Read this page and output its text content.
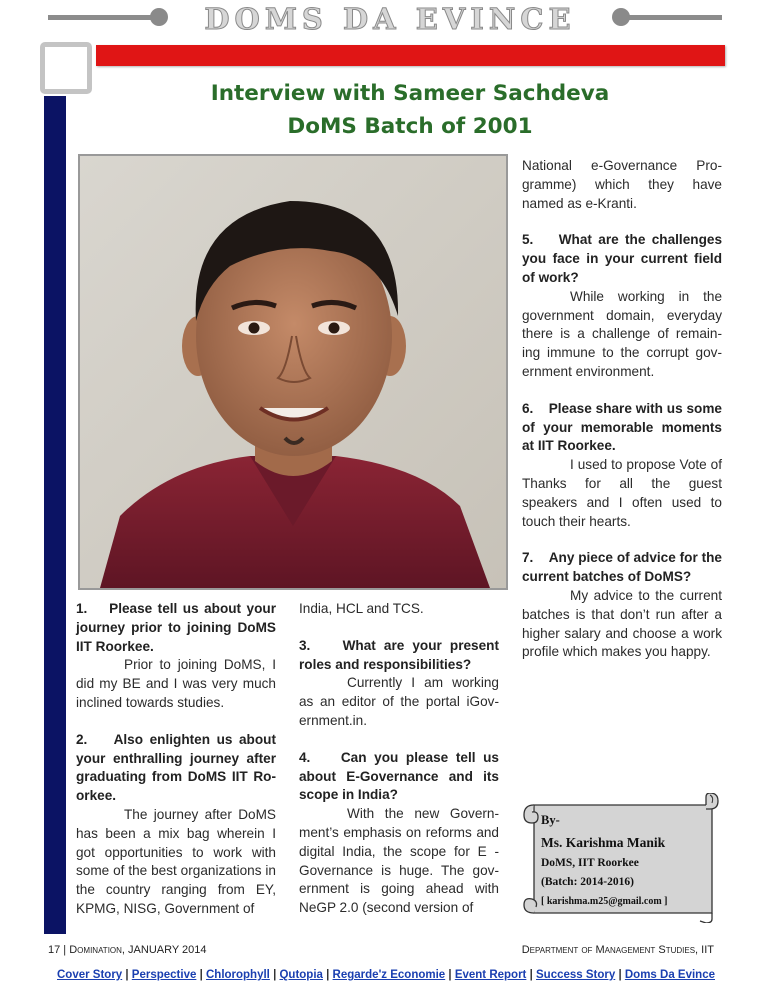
DOMS DA EVINCE
Interview with Sameer Sachdeva
DoMS Batch of 2001

1.    Please tell us about your journey prior to joining DoMS IIT Roorkee.

Prior to joining DoMS, I did my BE and I was very much inclined towards studies.

2.    Also enlighten us about your enthralling journey after graduating from DoMS IIT Ro-orkee.

The journey after DoMS has been a mix bag wherein I got opportunities to work with some of the best organizations in the country ranging from EY, KPMG, NISG, Government of

India, HCL and TCS.

3.    What are your present roles and responsibilities?

Currently I am working as an editor of the portal iGov-ernment.in.

4.    Can you please tell us about E-Governance and its scope in India?

With the new Govern-ment’s emphasis on reforms and digital India, the scope for E -Governance is huge. The gov-ernment is going ahead with NeGP 2.0 (second version of

National e-Governance Pro-gramme) which they have named as e-Kranti.

5.    What are the challenges you face in your current field of work?

While working in the government domain, everyday there is a challenge of remain-ing immune to the corrupt gov-ernment environment.

6.    Please share with us some of your memorable moments at IIT Roorkee.

I used to propose Vote of Thanks for all the guest speakers and I often used to touch their hearts.

7.    Any piece of advice for the current batches of DoMS?

My advice to the current batches is that don’t run after a higher salary and choose a work profile which makes you happy.

By-
Ms. Karishma Manik
DoMS, IIT Roorkee
(Batch: 2014-2016)
[ karishma.m25@gmail.com ]
17 | Domination, JANUARY 2014	Department of Management Studies, IIT
Cover Story | Perspective | Chlorophyll | Qutopia | Regarde'z Economie | Event Report | Success Story | Doms Da Evince
